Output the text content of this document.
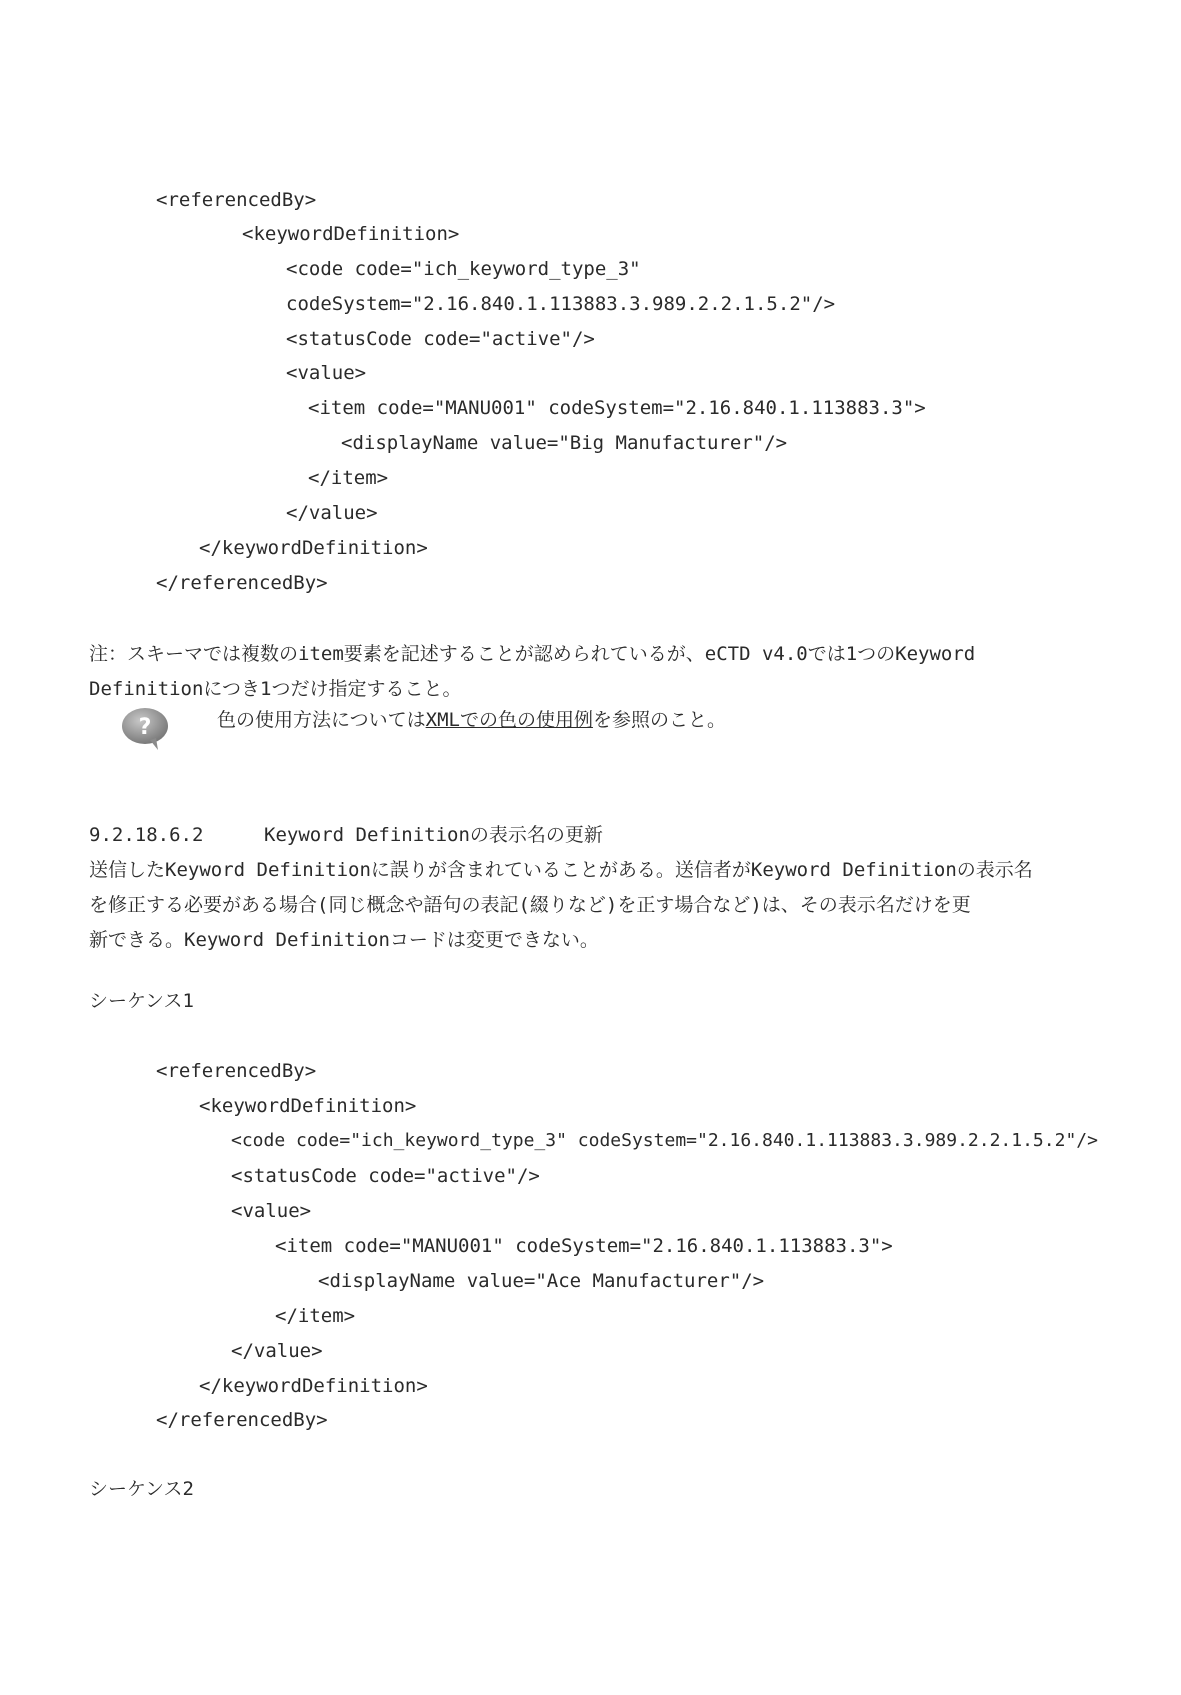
<referencedBy>
<keywordDefinition>
<code code="ich_keyword_type_3"
codeSystem="2.16.840.1.113883.3.989.2.2.1.5.2"/>
<statusCode code="active"/>
<value>
<item code="MANU001" codeSystem="2.16.840.1.113883.3">
<displayName value="Big Manufacturer"/>
</item>
</value>
</keywordDefinition>
</referencedBy>
注：スキーマでは複数のitem要素を記述することが認められているが、eCTD v4.0では1つのKeyword
Definitionにつき1つだけ指定すること。
?	色の使用方法についてはXMLでの色の使用例を参照のこと。
9.2.18.6.2	Keyword Definitionの表示名の更新
送信したKeyword Definitionに誤りが含まれていることがある。送信者がKeyword Definitionの表示名
を修正する必要がある場合(同じ概念や語句の表記(綴りなど)を正す場合など)は、その表示名だけを更
新できる。Keyword Definitionコードは変更できない。
シーケンス1
<referencedBy>
<keywordDefinition>
<code code="ich_keyword_type_3" codeSystem="2.16.840.1.113883.3.989.2.2.1.5.2"/>
<statusCode code="active"/>
<value>
<item code="MANU001" codeSystem="2.16.840.1.113883.3">
<displayName value="Ace Manufacturer"/>
</item>
</value>
</keywordDefinition>
</referencedBy>
シーケンス2
